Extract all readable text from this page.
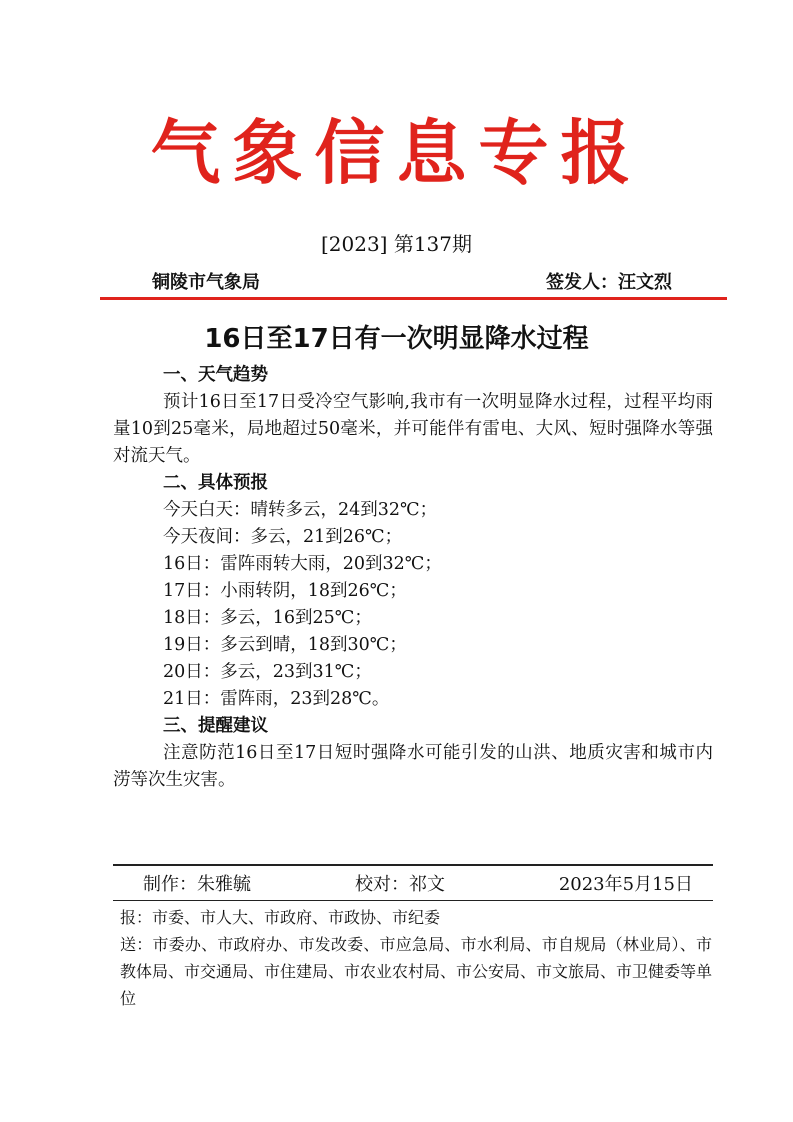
气象信息专报
[2023] 第137期
铜陵市气象局	签发人：汪文烈
16日至17日有一次明显降水过程
一、天气趋势
预计16日至17日受冷空气影响,我市有一次明显降水过程，过程平均雨量10到25毫米，局地超过50毫米，并可能伴有雷电、大风、短时强降水等强对流天气。
二、具体预报
今天白天：晴转多云，24到32℃；
今天夜间：多云，21到26℃；
16日：雷阵雨转大雨，20到32℃；
17日：小雨转阴，18到26℃；
18日：多云，16到25℃；
19日：多云到晴，18到30℃；
20日：多云，23到31℃；
21日：雷阵雨，23到28℃。
三、提醒建议
注意防范16日至17日短时强降水可能引发的山洪、地质灾害和城市内涝等次生灾害。
制作：朱雅毓	校对：祁文	2023年5月15日
报：市委、市人大、市政府、市政协、市纪委
送：市委办、市政府办、市发改委、市应急局、市水利局、市自规局（林业局）、市教体局、市交通局、市住建局、市农业农村局、市公安局、市文旅局、市卫健委等单位
